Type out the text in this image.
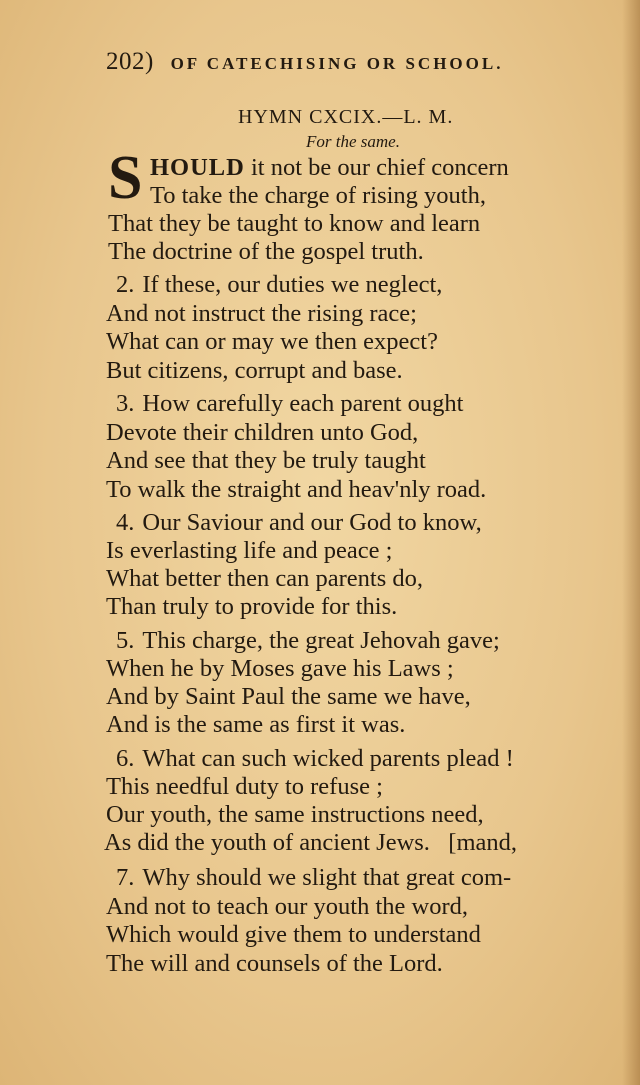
202) OF CATECHISING OR SCHOOL.
HYMN CXCIX.—L. M.
For the same.
S HOULD it not be our chief concern
To take the charge of rising youth,
That they be taught to know and learn
The doctrine of the gospel truth.
2. If these, our duties we neglect,
And not instruct the rising race;
What can or may we then expect?
But citizens, corrupt and base.
3. How carefully each parent ought
Devote their children unto God,
And see that they be truly taught
To walk the straight and heav'nly road.
4. Our Saviour and our God to know,
Is everlasting life and peace ;
What better then can parents do,
Than truly to provide for this.
5. This charge, the great Jehovah gave;
When he by Moses gave his Laws ;
And by Saint Paul the same we have,
And is the same as first it was.
6. What can such wicked parents plead !
This needful duty to refuse ;
Our youth, the same instructions need,
As did the youth of ancient Jews.   [mand,
7. Why should we slight that great com-
And not to teach our youth the word,
Which would give them to understand
The will and counsels of the Lord.
